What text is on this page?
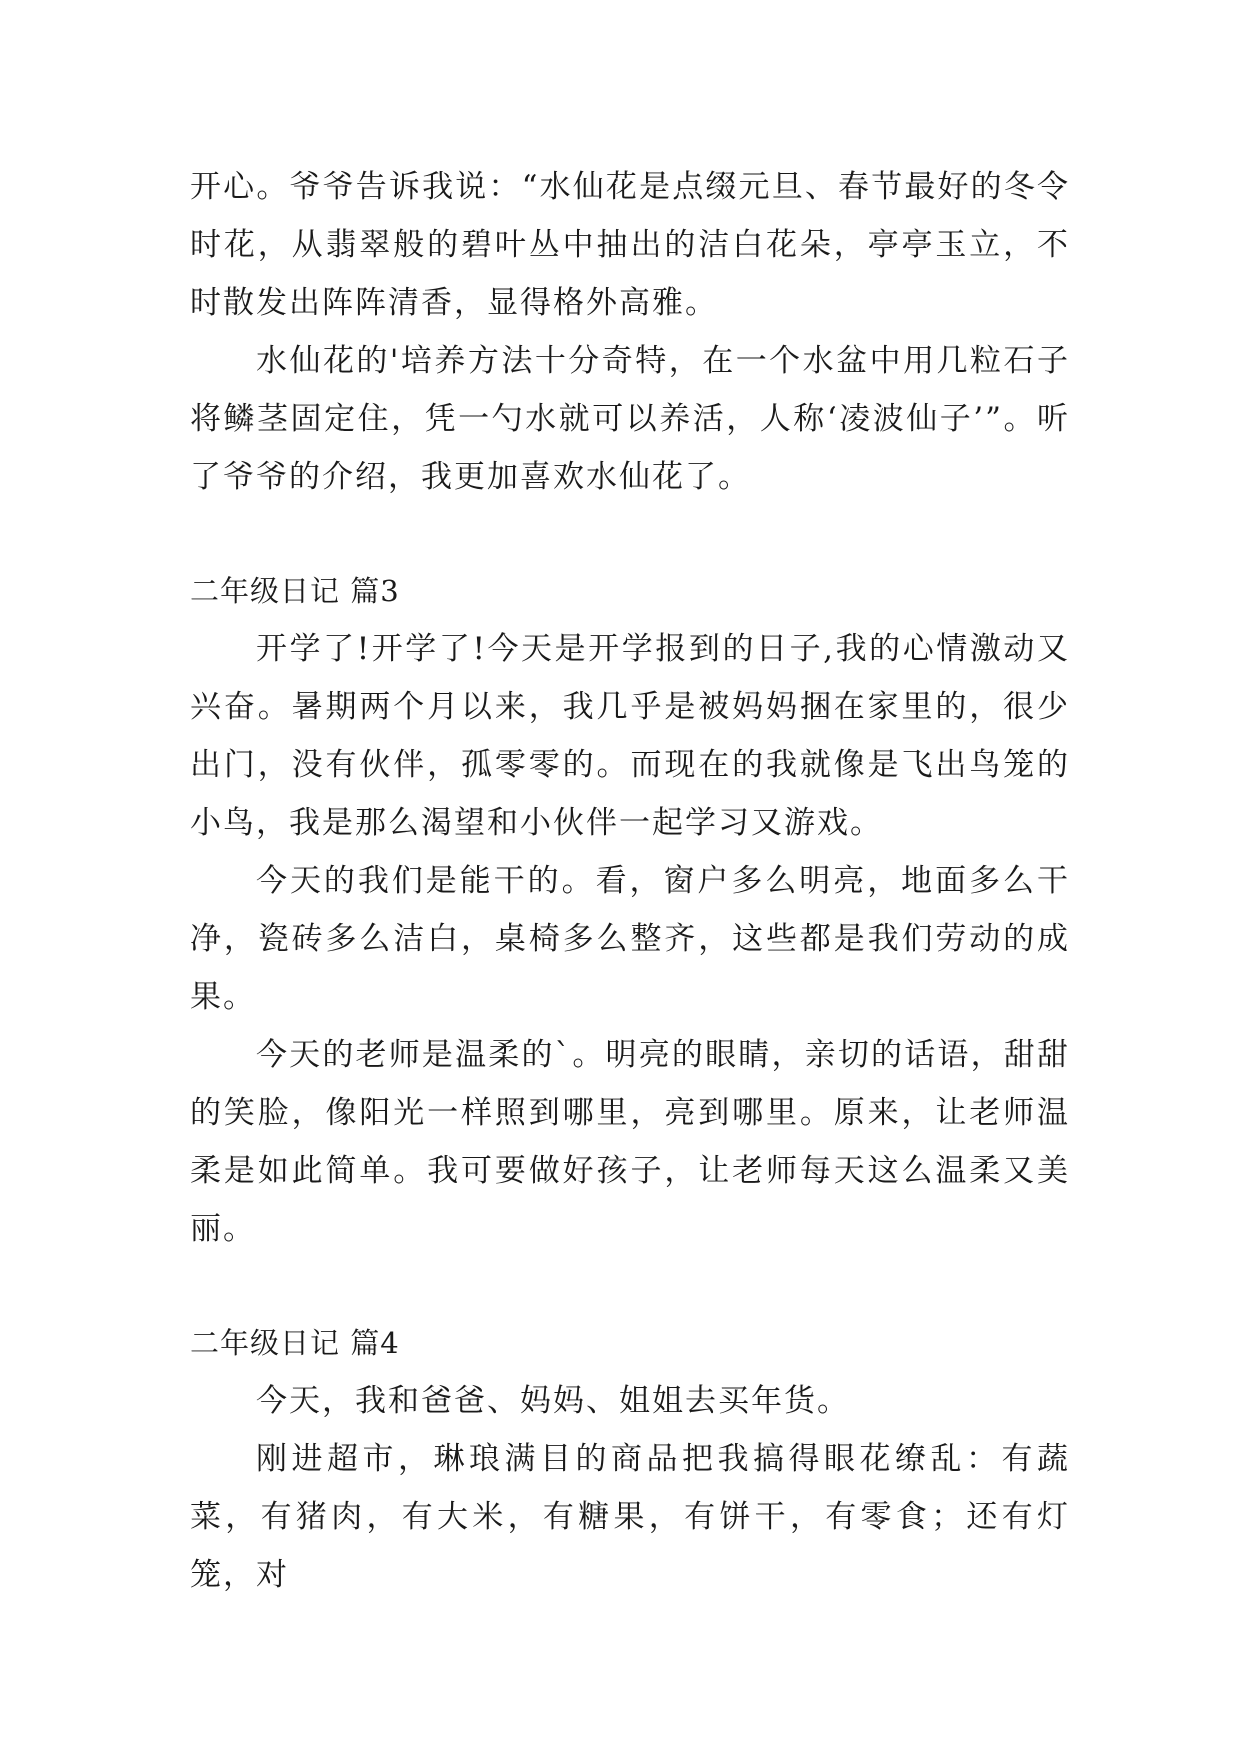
开心。爷爷告诉我说：“水仙花是点缀元旦、春节最好的冬令时花，从翡翠般的碧叶丛中抽出的洁白花朵，亭亭玉立，不时散发出阵阵清香，显得格外高雅。

水仙花的'培养方法十分奇特，在一个水盆中用几粒石子将鳞茎固定住，凭一勺水就可以养活，人称‘凌波仙子’”。听了爷爷的介绍，我更加喜欢水仙花了。

二年级日记 篇3

开学了!开学了!今天是开学报到的日子,我的心情激动又兴奋。暑期两个月以来，我几乎是被妈妈捆在家里的，很少出门，没有伙伴，孤零零的。而现在的我就像是飞出鸟笼的小鸟，我是那么渴望和小伙伴一起学习又游戏。

今天的我们是能干的。看，窗户多么明亮，地面多么干净，瓷砖多么洁白，桌椅多么整齐，这些都是我们劳动的成果。

今天的老师是温柔的`。明亮的眼睛，亲切的话语，甜甜的笑脸，像阳光一样照到哪里，亮到哪里。原来，让老师温柔是如此简单。我可要做好孩子，让老师每天这么温柔又美丽。

二年级日记 篇4

今天，我和爸爸、妈妈、姐姐去买年货。

刚进超市，琳琅满目的商品把我搞得眼花缭乱：有蔬菜，有猪肉，有大米，有糖果，有饼干，有零食；还有灯笼，对
